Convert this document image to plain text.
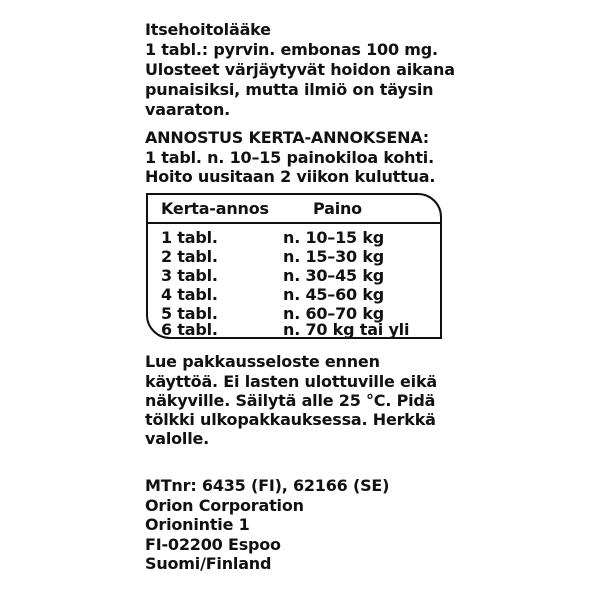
Itsehoitolääke

1 tabl.: pyrvin. embonas 100 mg.

Ulosteet värjäytyvät hoidon aikana

punaisiksi, mutta ilmiö on täysin

vaaraton.

ANNOSTUS KERTA-ANNOKSENA:

1 tabl. n. 10–15 painokiloa kohti.

Hoito uusitaan 2 viikon kuluttua.

Kerta-annos	Paino

1 tabl.	n. 10–15 kg

2 tabl.	n. 15–30 kg

3 tabl.	n. 30–45 kg

4 tabl.	n. 45–60 kg

5 tabl.	n. 60–70 kg

6 tabl.	n. 70 kg tai yli

Lue pakkausseloste ennen

käyttöä. Ei lasten ulottuville eikä

näkyville. Säilytä alle 25 °C. Pidä

tölkki ulkopakkauksessa. Herkkä

valolle.

MTnr: 6435 (FI), 62166 (SE)

Orion Corporation

Orionintie 1

FI-02200 Espoo

Suomi/Finland
